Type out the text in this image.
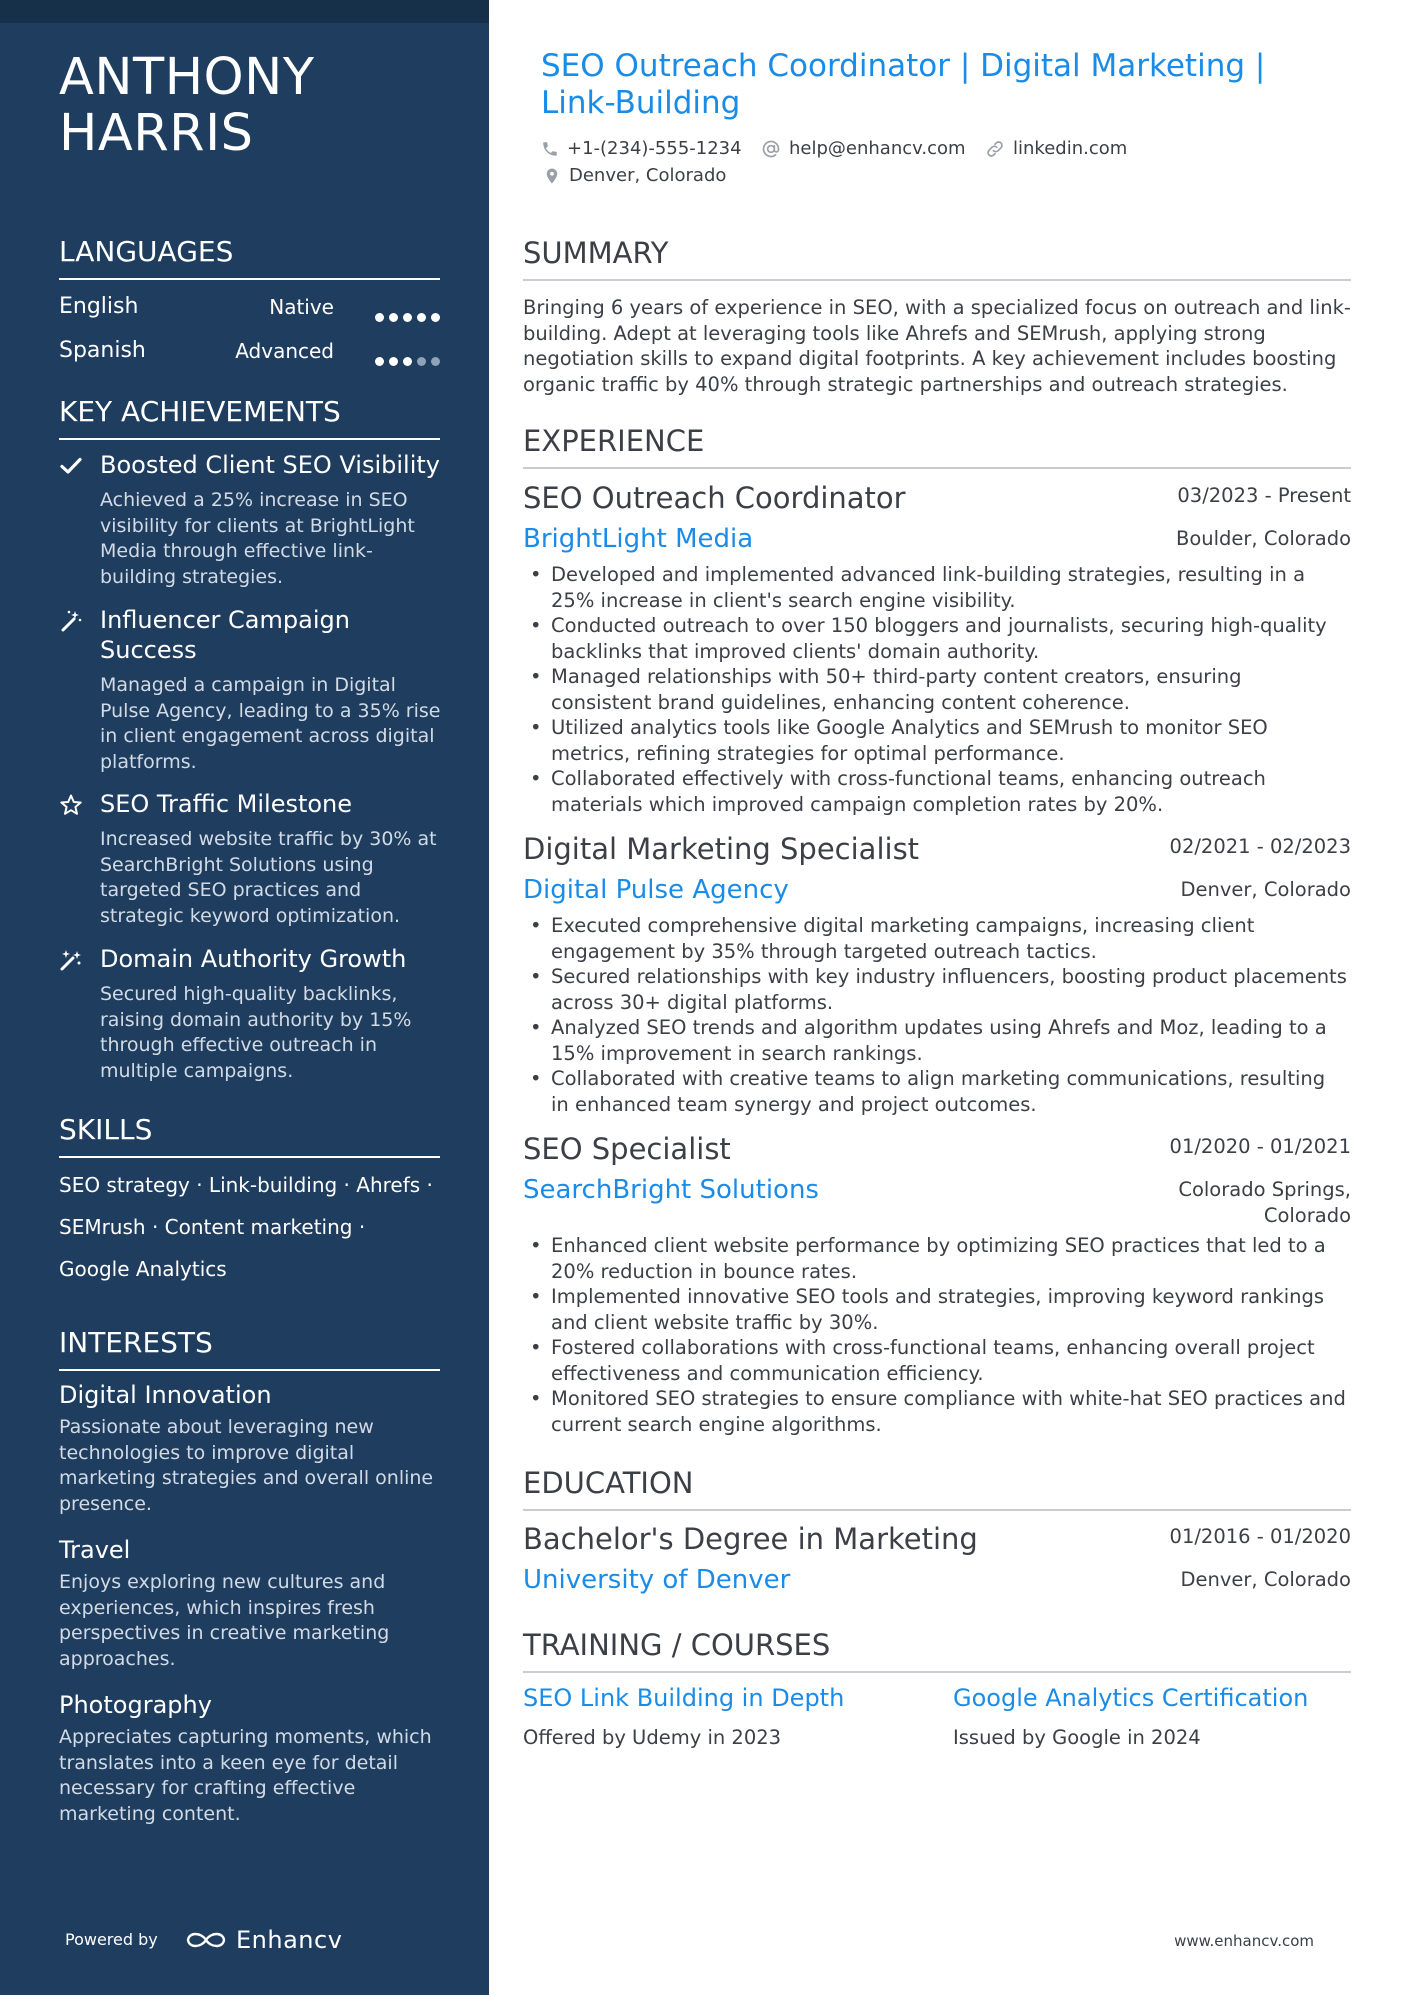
ANTHONY
HARRIS
LANGUAGES
English	Native
Spanish	Advanced
KEY ACHIEVEMENTS
Boosted Client SEO Visibility
Achieved a 25% increase in SEO visibility for clients at BrightLight Media through effective link-building strategies.
Influencer Campaign Success
Managed a campaign in Digital Pulse Agency, leading to a 35% rise in client engagement across digital platforms.
SEO Traffic Milestone
Increased website traffic by 30% at SearchBright Solutions using targeted SEO practices and strategic keyword optimization.
Domain Authority Growth
Secured high-quality backlinks, raising domain authority by 15% through effective outreach in multiple campaigns.
SKILLS
SEO strategy · Link-building · Ahrefs ·
SEMrush · Content marketing ·
Google Analytics
INTERESTS
Digital Innovation
Passionate about leveraging new technologies to improve digital marketing strategies and overall online presence.
Travel
Enjoys exploring new cultures and experiences, which inspires fresh perspectives in creative marketing approaches.
Photography
Appreciates capturing moments, which translates into a keen eye for detail necessary for crafting effective marketing content.
Powered by	Enhancv
SEO Outreach Coordinator | Digital Marketing | Link-Building
+1-(234)-555-1234	help@enhancv.com	linkedin.com
Denver, Colorado
SUMMARY
Bringing 6 years of experience in SEO, with a specialized focus on outreach and link-building. Adept at leveraging tools like Ahrefs and SEMrush, applying strong negotiation skills to expand digital footprints. A key achievement includes boosting organic traffic by 40% through strategic partnerships and outreach strategies.
EXPERIENCE
SEO Outreach Coordinator	03/2023 - Present
BrightLight Media	Boulder, Colorado
• Developed and implemented advanced link-building strategies, resulting in a 25% increase in client's search engine visibility.
• Conducted outreach to over 150 bloggers and journalists, securing high-quality backlinks that improved clients' domain authority.
• Managed relationships with 50+ third-party content creators, ensuring consistent brand guidelines, enhancing content coherence.
• Utilized analytics tools like Google Analytics and SEMrush to monitor SEO metrics, refining strategies for optimal performance.
• Collaborated effectively with cross-functional teams, enhancing outreach materials which improved campaign completion rates by 20%.
Digital Marketing Specialist	02/2021 - 02/2023
Digital Pulse Agency	Denver, Colorado
• Executed comprehensive digital marketing campaigns, increasing client engagement by 35% through targeted outreach tactics.
• Secured relationships with key industry influencers, boosting product placements across 30+ digital platforms.
• Analyzed SEO trends and algorithm updates using Ahrefs and Moz, leading to a 15% improvement in search rankings.
• Collaborated with creative teams to align marketing communications, resulting in enhanced team synergy and project outcomes.
SEO Specialist	01/2020 - 01/2021
SearchBright Solutions	Colorado Springs,
Colorado
• Enhanced client website performance by optimizing SEO practices that led to a 20% reduction in bounce rates.
• Implemented innovative SEO tools and strategies, improving keyword rankings and client website traffic by 30%.
• Fostered collaborations with cross-functional teams, enhancing overall project effectiveness and communication efficiency.
• Monitored SEO strategies to ensure compliance with white-hat SEO practices and current search engine algorithms.
EDUCATION
Bachelor's Degree in Marketing	01/2016 - 01/2020
University of Denver	Denver, Colorado
TRAINING / COURSES
SEO Link Building in Depth
Offered by Udemy in 2023
Google Analytics Certification
Issued by Google in 2024
www.enhancv.com
